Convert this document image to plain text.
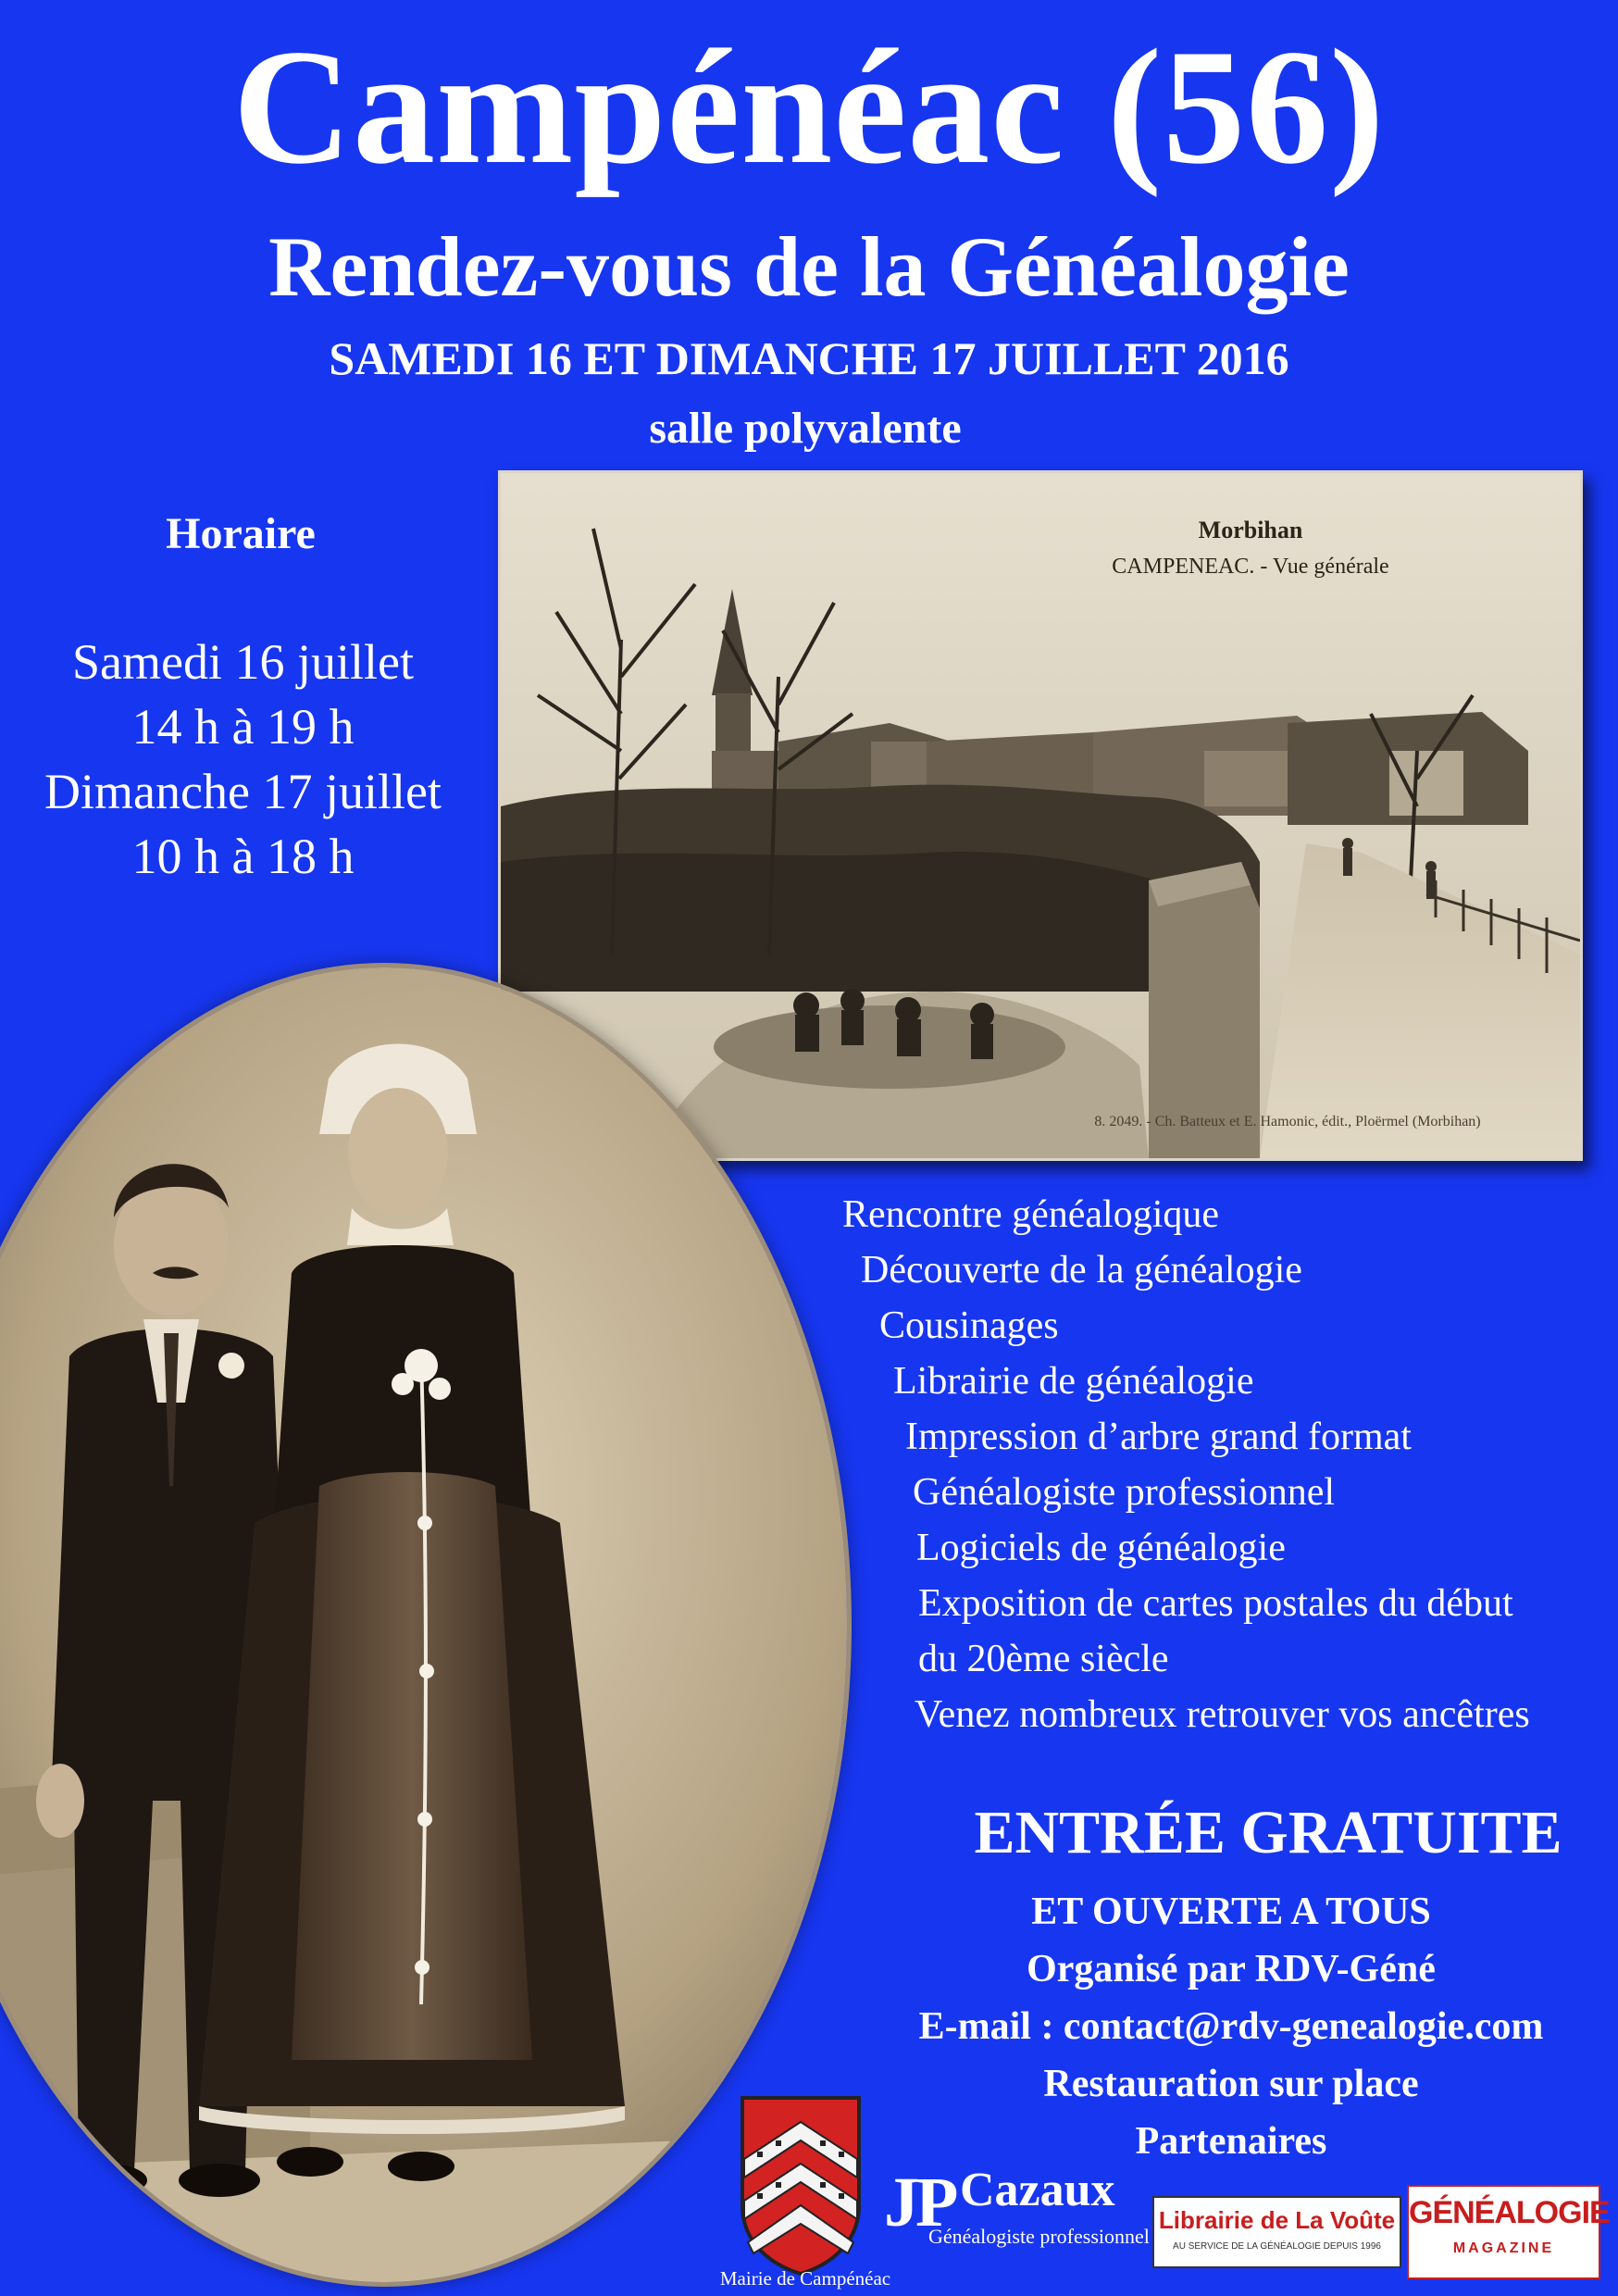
Campénéac (56)
Rendez-vous de la Généalogie
SAMEDI 16 ET DIMANCHE 17 JUILLET 2016
salle polyvalente
Horaire
Samedi 16 juillet
14 h à 19 h
Dimanche 17 juillet
10 h à 18 h
Morbihan
CAMPENEAC. - Vue générale
8. 2049. - Ch. Batteux et E. Hamonic, édit., Ploërmel (Morbihan)
Rencontre généalogique
Découverte de la généalogie
Cousinages
Librairie de généalogie
Impression d’arbre grand format
Généalogiste professionnel
Logiciels de généalogie
Exposition de cartes postales du début
du 20ème siècle
Venez nombreux retrouver vos ancêtres
ENTRÉE GRATUITE
ET OUVERTE A TOUS
Organisé par RDV-Géné
E-mail : contact@rdv-genealogie.com
Restauration sur place
Partenaires
Mairie de Campénéac
JP Cazaux
Généalogiste professionnel
Librairie de La Voûte
AU SERVICE DE LA GÉNÉALOGIE DEPUIS 1996
GÉNÉALOGIE
MAGAZINE
